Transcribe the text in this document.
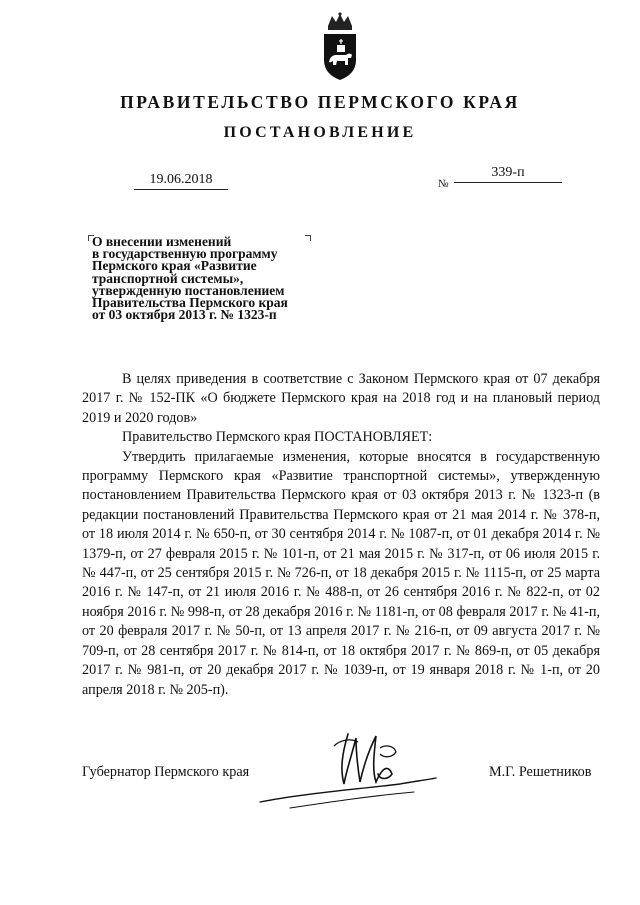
ПРАВИТЕЛЬСТВО ПЕРМСКОГО КРАЯ
ПОСТАНОВЛЕНИЕ
19.06.2018	№
339-п
О внесении изменений
в государственную программу
Пермского края «Развитие
транспортной системы»,
утвержденную постановлением
Правительства Пермского края
от 03 октября 2013 г. № 1323-п

В целях приведения в соответствие с Законом Пермского края от 07 декабря 2017 г. № 152-ПК «О бюджете Пермского края на 2018 год и на плановый период 2019 и 2020 годов»

Правительство Пермского края ПОСТАНОВЛЯЕТ:

Утвердить прилагаемые изменения, которые вносятся в государственную программу Пермского края «Развитие транспортной системы», утвержденную постановлением Правительства Пермского края от 03 октября 2013 г. № 1323-п (в редакции постановлений Правительства Пермского края от 21 мая 2014 г. № 378-п, от 18 июля 2014 г. № 650-п, от 30 сентября 2014 г. № 1087-п, от 01 декабря 2014 г. № 1379-п, от 27 февраля 2015 г. № 101-п, от 21 мая 2015 г. № 317-п, от 06 июля 2015 г. № 447-п, от 25 сентября 2015 г. № 726-п, от 18 декабря 2015 г. № 1115-п, от 25 марта 2016 г. № 147-п, от 21 июля 2016 г. № 488-п, от 26 сентября 2016 г. № 822-п, от 02 ноября 2016 г. № 998-п, от 28 декабря 2016 г. № 1181-п, от 08 февраля 2017 г. № 41-п, от 20 февраля 2017 г. № 50-п, от 13 апреля 2017 г. № 216-п, от 09 августа 2017 г. № 709-п, от 28 сентября 2017 г. № 814-п, от 18 октября 2017 г. № 869-п, от 05 декабря 2017 г. № 981-п, от 20 декабря 2017 г. № 1039-п, от 19 января 2018 г. № 1-п, от 20 апреля 2018 г. № 205-п).

Губернатор Пермского края	М.Г. Решетников
